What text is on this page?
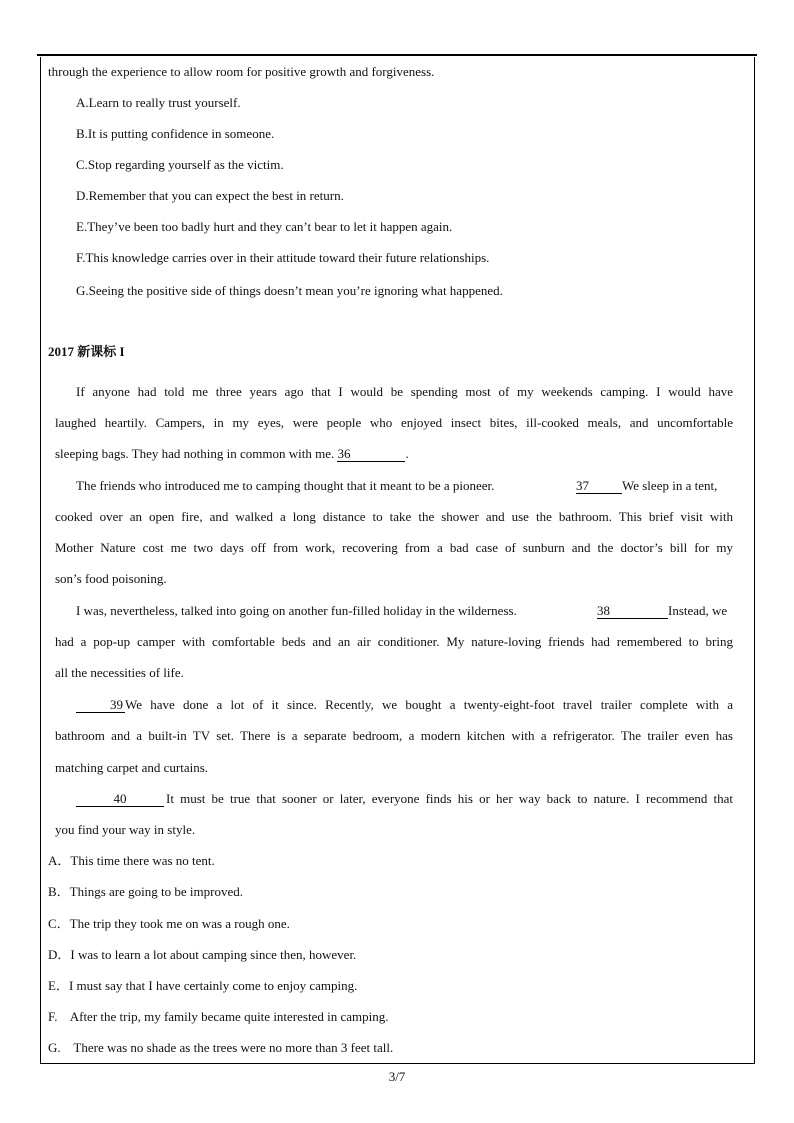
through the experience to allow room for positive growth and forgiveness.
A.Learn to really trust yourself.
B.It is putting confidence in someone.
C.Stop regarding yourself as the victim.
D.Remember that you can expect the best in return.
E.They’ve been too badly hurt and they can’t bear to let it happen again.
F.This knowledge carries over in their attitude toward their future relationships.
G.Seeing the positive side of things doesn’t mean you’re ignoring what happened.
2017 新课标 I
If anyone had told me three years ago that I would be spending most of my weekends camping. I would have
laughed heartily. Campers, in my eyes, were people who enjoyed insect bites, ill-cooked meals, and uncomfortable
sleeping bags. They had nothing in common with me. 36	.
The friends who introduced me to camping thought that it meant to be a pioneer.	37	We sleep in a tent,
cooked over an open fire, and walked a long distance to take the shower and use the bathroom. This brief visit with
Mother Nature cost me two days off from work, recovering from a bad case of sunburn and the doctor’s bill for my
son’s food poisoning.
I was, nevertheless, talked into going on another fun-filled holiday in the wilderness.	38	Instead, we
had a pop-up camper with comfortable beds and an air conditioner. My nature-loving friends had remembered to bring
all the necessities of life.
39 We have done a lot of it since. Recently, we bought a twenty-eight-foot travel trailer complete with a
bathroom and a built-in TV set. There is a separate bedroom, a modern kitchen with a refrigerator. The trailer even has
matching carpet and curtains.
40	It must be true that sooner or later, everyone finds his or her way back to nature. I recommend that
you find your way in style.
A．This time there was no tent.
B．Things are going to be improved.
C．The trip they took me on was a rough one.
D．I was to learn a lot about camping since then, however.
E．I must say that I have certainly come to enjoy camping.
F.    After the trip, my family became quite interested in camping.
G.    There was no shade as the trees were no more than 3 feet tall.
3/7
